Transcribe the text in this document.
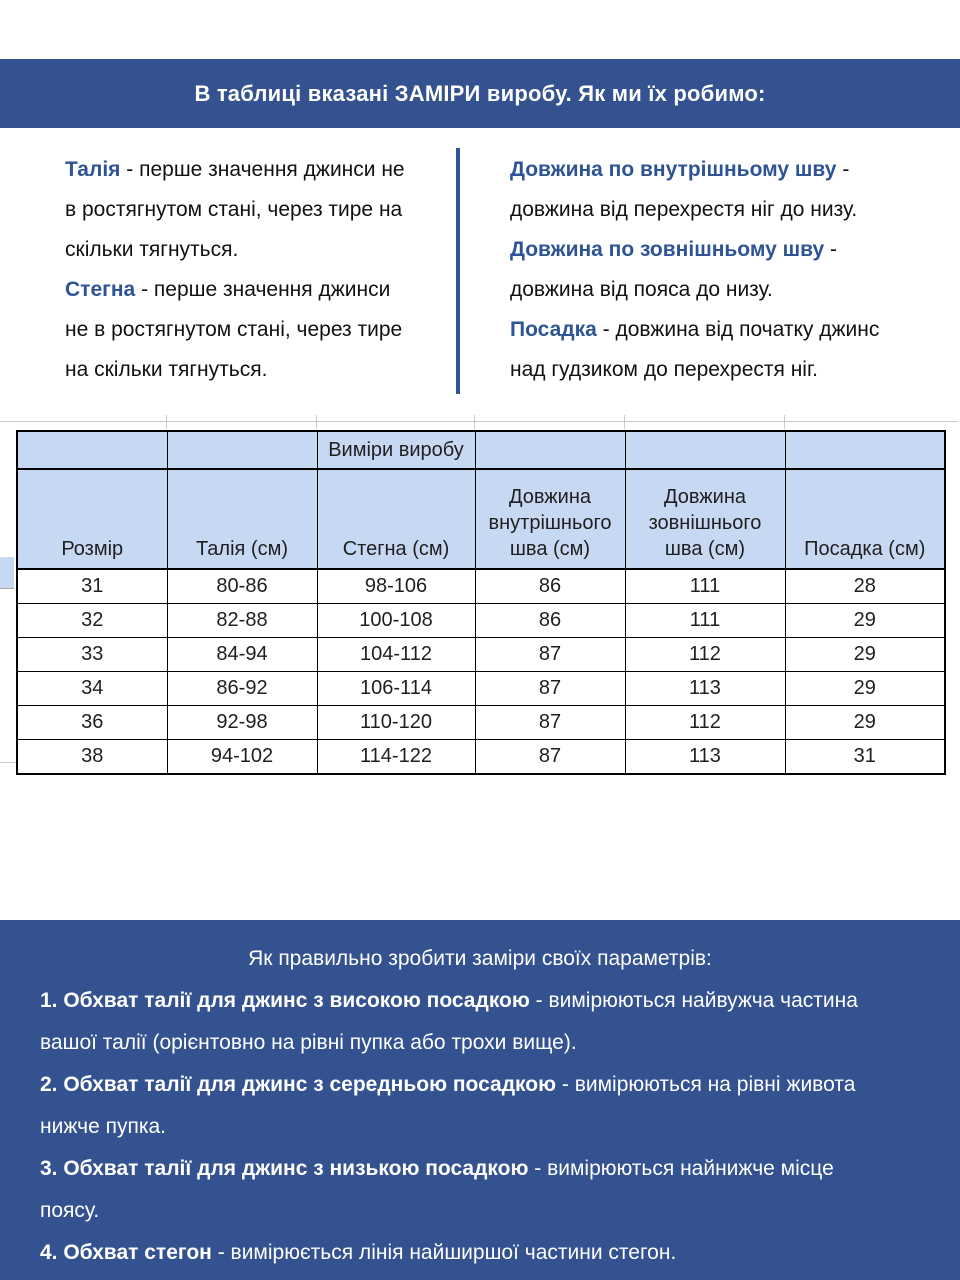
В таблиці вказані ЗАМІРИ виробу. Як ми їх робимо:
Талія - перше значення джинси не
в ростягнутом стані, через тире на
скільки тягнуться.
Стегна - перше значення джинси
не в ростягнутом стані, через тире
на скільки тягнуться.
Довжина по внутрішньому шву -
довжина від перехрестя ніг до низу.
Довжина по зовнішньому шву -
довжина від пояса до низу.
Посадка - довжина від початку джинс
над гудзиком до перехрестя ніг.
		Виміри виробу			
Розмір	Талія (см)	Стегна (см)	Довжина внутрішнього шва (см)	Довжина зовнішнього шва (см)	Посадка (см)
31	80-86	98-106	86	111	28
32	82-88	100-108	86	111	29
33	84-94	104-112	87	112	29
34	86-92	106-114	87	113	29
36	92-98	110-120	87	112	29
38	94-102	114-122	87	113	31
Як правильно зробити заміри своїх параметрів:
1. Обхват талії для джинс з високою посадкою - вимірюються найвужча частина
вашої талії (орієнтовно на рівні пупка або трохи вище).
2. Обхват талії для джинс з середньою посадкою - вимірюються на рівні живота
нижче пупка.
3. Обхват талії для джинс з низькою посадкою - вимірюються найнижче місце
поясу.
4. Обхват стегон - вимірюється лінія найширшої частини стегон.
